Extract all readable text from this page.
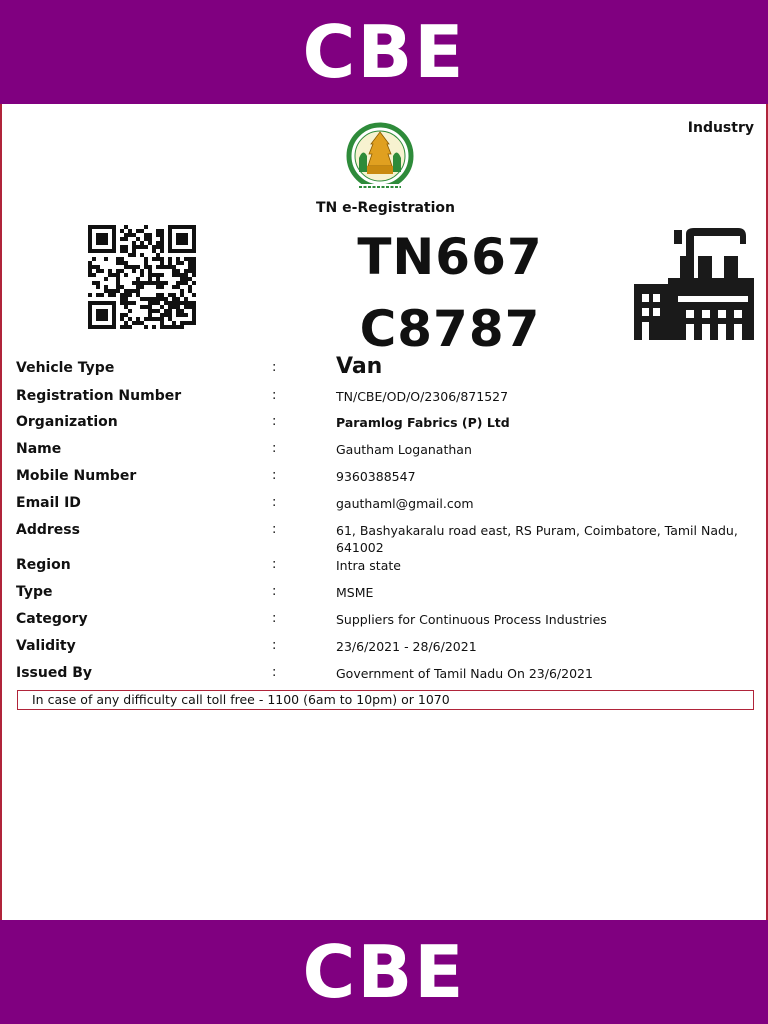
CBE
Industry
TN e-Registration
TN667
C8787
Vehicle Type	:	Van
Registration Number	:	TN/CBE/OD/O/2306/871527
Organization	:	Paramlog Fabrics (P) Ltd
Name	:	Gautham Loganathan
Mobile Number	:	9360388547
Email ID	:	gauthaml@gmail.com
Address	:	61, Bashyakaralu road east, RS Puram, Coimbatore, Tamil Nadu, 641002
Region	:	Intra state
Type	:	MSME
Category	:	Suppliers for Continuous Process Industries
Validity	:	23/6/2021 - 28/6/2021
Issued By	:	Government of Tamil Nadu On 23/6/2021
In case of any difficulty call toll free - 1100 (6am to 10pm) or 1070
CBE
